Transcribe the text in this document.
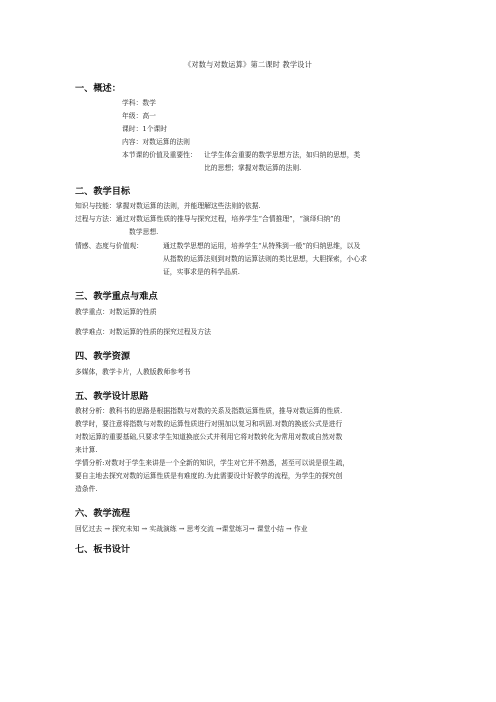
《对数与对数运算》第二课时 教学设计
一、概述：
学科：数学
年级：高一
课时：1个课时
内容：对数运算的法则
本节课的价值及重要性： 让学生体会重要的数学思想方法，如归纳的思想，类
比的思想；掌握对数运算的法则.
二、教学目标
知识与技能：掌握对数运算的法则，并能理解这些法则的依据.
过程与方法：通过对数运算性质的推导与探究过程，培养学生“合情推理”，“演绎归纳”的
数学思想.
情感、态度与价值观：	通过数学思想的运用，培养学生“从特殊到一般”的归纳思维，以及
从指数的运算法则到对数的运算法则的类比思想，大胆探索，小心求
证，实事求是的科学品质.
三、教学重点与难点
教学重点：对数运算的性质
教学难点：对数运算的性质的探究过程及方法
四、教学资源
多媒体，教学卡片，人教版教师参考书
五、教学设计思路
教材分析：教科书的思路是根据指数与对数的关系及指数运算性质，推导对数运算的性质.
教学时，要注意将指数与对数的运算性质进行对照加以复习和巩固.对数的换底公式是进行
对数运算的重要基础,只要求学生知道换底公式并利用它将对数转化为常用对数或自然对数
来计算.
学情分析:对数对于学生来讲是一个全新的知识，学生对它并不熟悉，甚至可以说是很生疏，
要自主地去探究对数的运算性质是有难度的.为此需要设计好教学的流程，为学生的探究创
造条件.
六、教学流程
回忆过去 → 探究未知 → 实战演练 → 思考交流 →课堂练习→ 课堂小结 → 作业
七、板书设计
